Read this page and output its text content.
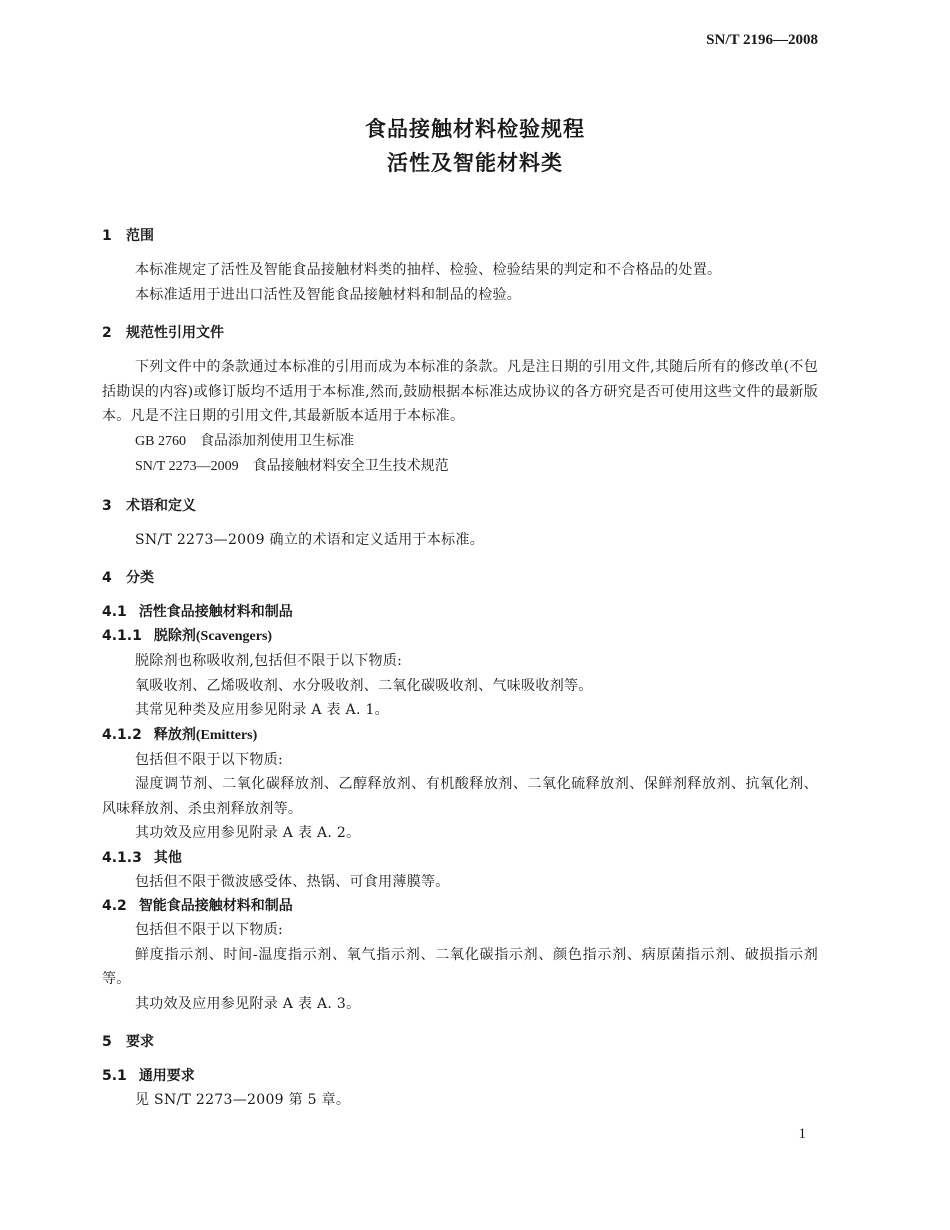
SN/T 2196—2008
食品接触材料检验规程
活性及智能材料类
1 范围
本标准规定了活性及智能食品接触材料类的抽样、检验、检验结果的判定和不合格品的处置。
本标准适用于进出口活性及智能食品接触材料和制品的检验。
2 规范性引用文件
下列文件中的条款通过本标准的引用而成为本标准的条款。凡是注日期的引用文件,其随后所有的修改单(不包括勘误的内容)或修订版均不适用于本标准,然而,鼓励根据本标准达成协议的各方研究是否可使用这些文件的最新版本。凡是不注日期的引用文件,其最新版本适用于本标准。
GB 2760 食品添加剂使用卫生标准
SN/T 2273—2009 食品接触材料安全卫生技术规范
3 术语和定义
SN/T 2273—2009 确立的术语和定义适用于本标准。
4 分类
4.1 活性食品接触材料和制品
4.1.1 脱除剂(Scavengers)
脱除剂也称吸收剂,包括但不限于以下物质:
氧吸收剂、乙烯吸收剂、水分吸收剂、二氧化碳吸收剂、气味吸收剂等。
其常见种类及应用参见附录 A 表 A. 1。
4.1.2 释放剂(Emitters)
包括但不限于以下物质:
湿度调节剂、二氧化碳释放剂、乙醇释放剂、有机酸释放剂、二氧化硫释放剂、保鲜剂释放剂、抗氧化剂、风味释放剂、杀虫剂释放剂等。
其功效及应用参见附录 A 表 A. 2。
4.1.3 其他
包括但不限于微波感受体、热锅、可食用薄膜等。
4.2 智能食品接触材料和制品
包括但不限于以下物质:
鲜度指示剂、时间-温度指示剂、氧气指示剂、二氧化碳指示剂、颜色指示剂、病原菌指示剂、破损指示剂等。
其功效及应用参见附录 A 表 A. 3。
5 要求
5.1 通用要求
见 SN/T 2273—2009 第 5 章。
1
